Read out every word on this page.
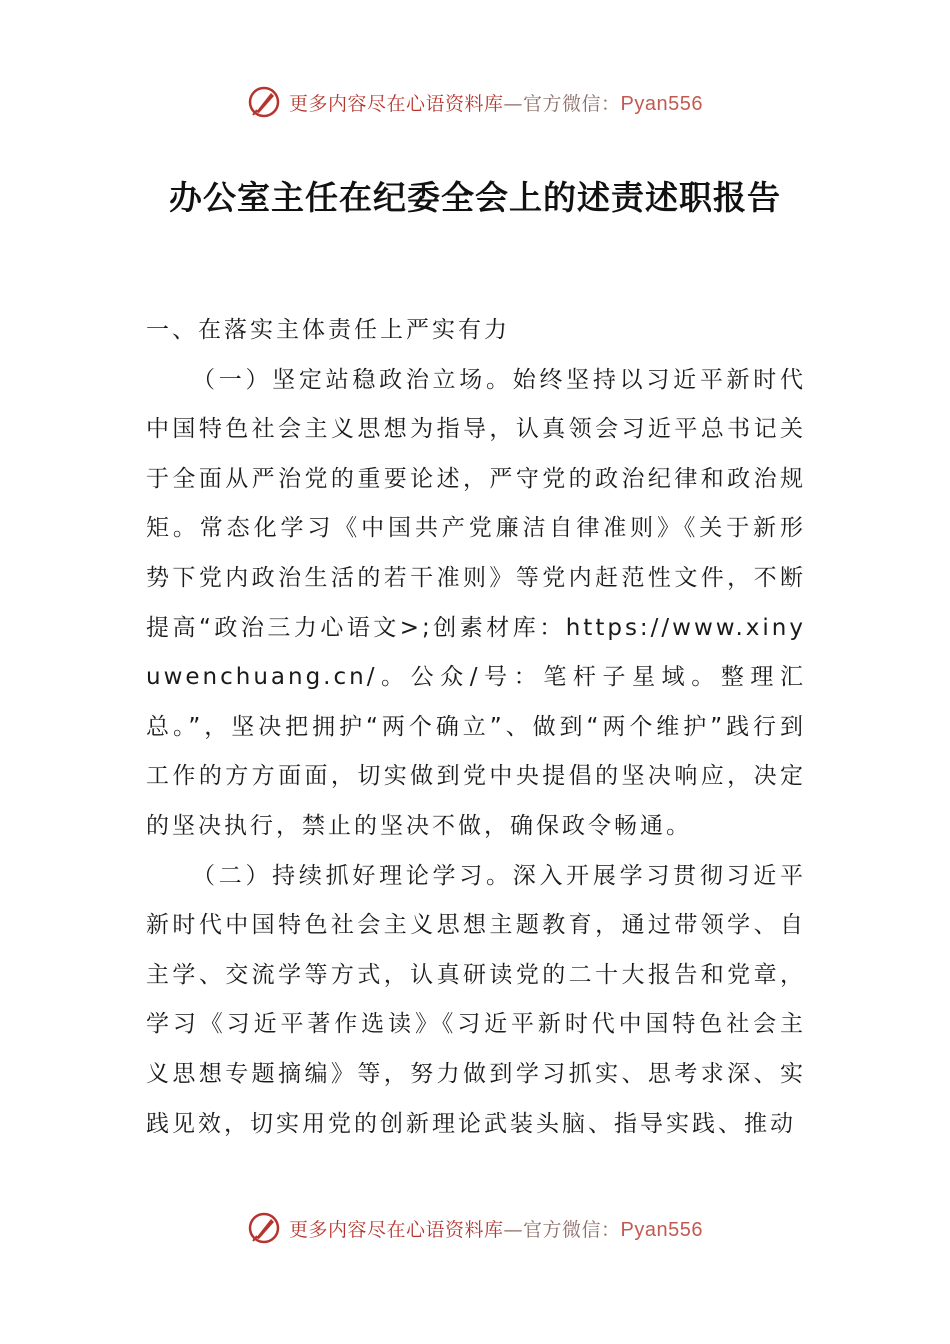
更多内容尽在心语资料库—官方微信：Pyan556
办公室主任在纪委全会上的述责述职报告

一、在落实主体责任上严实有力

（一）坚定站稳政治立场。始终坚持以习近平新时代中国特色社会主义思想为指导，认真领会习近平总书记关于全面从严治党的重要论述，严守党的政治纪律和政治规矩。常态化学习《中国共产党廉洁自律准则》《关于新形势下党内政治生活的若干准则》等党内赶范性文件，不断提高“政治三力心语文>;创素材库：https://www.xinyuwenchuang.cn/。公众/号：笔杆子星域。整理汇总。”，坚决把拥护“两个确立”、做到“两个维护”践行到工作的方方面面，切实做到党中央提倡的坚决响应，决定的坚决执行，禁止的坚决不做，确保政令畅通。

（二）持续抓好理论学习。深入开展学习贯彻习近平新时代中国特色社会主义思想主题教育，通过带领学、自主学、交流学等方式，认真研读党的二十大报告和党章，学习《习近平著作选读》《习近平新时代中国特色社会主义思想专题摘编》等，努力做到学习抓实、思考求深、实践见效，切实用党的创新理论武装头脑、指导实践、推动

更多内容尽在心语资料库—官方微信：Pyan556
